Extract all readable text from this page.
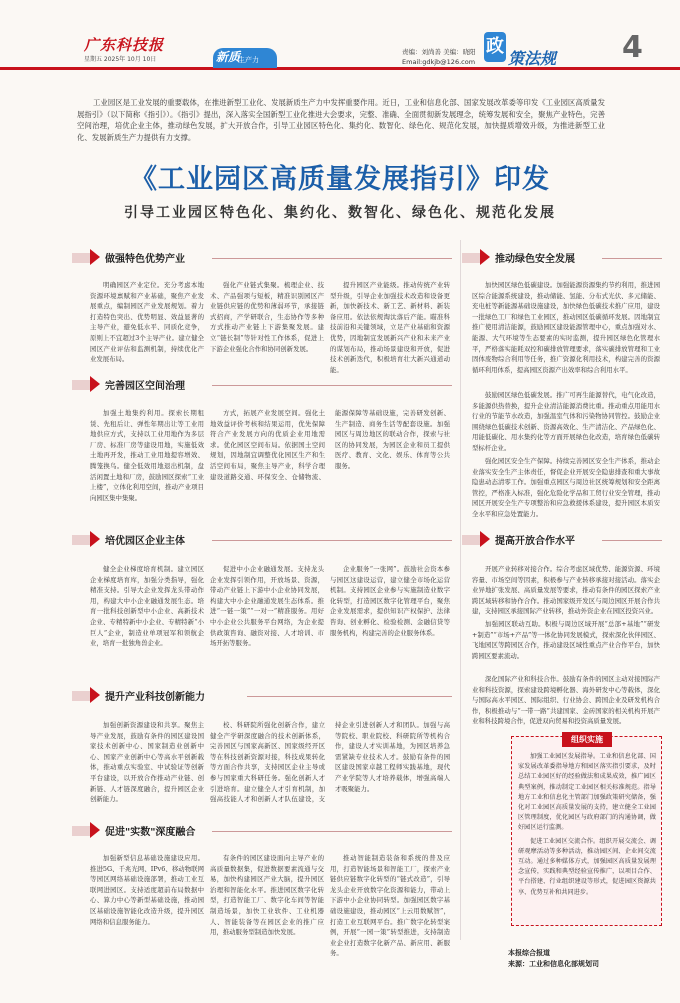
广东科技报
星期五 2025年 10月 10日	新质
生产力
责编：刘尚善 美编：晓阳
Email:gdkjb@126.com
政
策法规 4

工业园区是工业发展的重要载体，在推进新型工业化、发展新质生产力中发挥重要作用。近日，工业和信息化部、国家发展改革委等印发《工业园区高质量发展指引》（以下简称《指引》）。《指引》提出，深入落实全国新型工业化推进大会要求，完整、准确、全面贯彻新发展理念，统筹发展和安全，聚焦产业特色，完善空间治理，培优企业主体，推动绿色发展，扩大开放合作，引导工业园区特色化、集约化、数智化、绿色化、规范化发展，加快提质增效升级，为推进新型工业化、发展新质生产力提供有力支撑。

《工业园区高质量发展指引》印发
引导工业园区特色化、集约化、数智化、绿色化、规范化发展
做强特色优势产业

明确园区产业定位。充分考虑本地资源环境禀赋和产业基础，聚焦产业发展重点，编制园区产业发展规划。着力打造特色突出、优势明显、效益显著的主导产业，避免低水平、同质化竞争，原则上不宜超过3个主导产业。建立健全园区产业评估和监测机制，持续优化产业发展布局。

强化产业链式集聚。梳理企业、技术、产品强项与短板，精准识别园区产业链供应链的优势和薄弱环节，承接链式招商，产学研联合，生态协作等多种方式推动产业链上下游集聚发展。建立“链长制”等针对性工作体系，促进上下游企业强化合作和协同创新发展。

提升园区产业能级。推动传统产业转型升级，引导企业加强技术改造和设备更新，加快新技术、新工艺、新材料、新装备应用。依法依规淘汰落后产能。瞄准科技前沿和关键领域，立足产业基础和资源优势，因地制宜发展新兴产业和未来产业的谋划布局，推动场景建设和开放，促进技术创新迭代，积极培育壮大新兴通道动能。

完善园区空间治理

加强土地集约利用。探索长期租赁、先租后让、弹性年期出让等工业用地供应方式，支持以工业用地作为多层厂房、标准厂房等建设用地，实施低效土地再开发，推动工业用地提容增效、腾笼换鸟。健全低效用地退出机制，盘活闲置土地和厂房，鼓励园区探索“工业上楼”，立体化利用空间，推动产业项目向园区集中集聚。

方式，拓展产业发展空间。强化土地效益评价考核和结果运用，优先保障符合产业发展方向的优质企业用地需求。优化园区空间布局。依据国土空间规划，因地制宜调整优化园区生产和生活空间布局，聚焦主导产业，科学合理建设道路交通、环保安全、仓储物流、能源保障等基础设施，完善研发创新、生产制造、商务生活等配套设施。加强园区与周边地区的联动合作，探索与社区的协同发展，为园区企业和员工提供医疗、教育、文化、娱乐、体育等公共服务。

培优园区企业主体

健全企业梯度培育机制。建立园区企业梯度培育库，加强分类指导，强化精准支持。引导大企业发挥龙头带动作用，构建大中小企业融通发展生态。培育一批科技创新型中小企业、高新技术企业、专精特新中小企业、专精特新“小巨人”企业，制造业单项冠军和领航企业，培育一批独角兽企业。

促进中小企业融通发展。支持龙头企业发挥引领作用，开放场景、资源，带动产业链上下游中小企业协同发展，构建大中小企业融通发展生态体系。推进“一链一策”“一对一”精准服务。用好中小企业公共服务平台网络，为企业提供政策咨询、融资对接、人才培训、市场开拓等服务。

企业服务“一张网”。鼓励社会资本参与园区这建设运营，建立健全市场化运营机制。支持园区企业参与实施制造业数字化转型，打造园区数字化管理平台，聚焦企业发展需求，提供知识产权保护、法律咨询、创业孵化、检验检测、金融信贷等服务机构，构建完善的企业服务体系。

提升产业科技创新能力

加强创新资源建设和共享。聚焦主导产业发展，鼓励有条件的园区建设国家技术创新中心、国家制造业创新中心、国家产业创新中心等高水平创新载体，推动重点实验室、中试验证等创新平台建设，以开放合作推动产业链、创新链、人才链深度融合，提升园区企业创新能力。

校、科研院所强化创新合作，建立健全产学研深度融合的技术创新体系，完善园区与国家高新区、国家级经开区等在科技创新资源对接，科技成果转化等方面合作共享，支持园区企业主导或参与国家重大科研任务。强化创新人才引进培育。建立健全人才引育机制，加强高技能人才和创新人才队伍建设，支持企业引进创新人才和团队。加强与高等院校、职业院校、科研院所等机构合作，建设人才实训基地，为园区培养急需紧缺专业技术人才。鼓励有条件的园区建设国家卓越工程师实践基地，现代产业学院等人才培养载体，增强高端人才吸聚能力。

促进"实数"深度融合

加强新型信息基础设施建设应用。推进5G、千兆光网、IPv6、移动物联网等园区网络基础设施部署，推动工业互联网进园区。支持适度超前布局数据中心、算力中心等新型基础设施，推动园区基础设施智能化改造升级，提升园区网络和信息服务能力。

有条件的园区建设面向主导产业的高质量数据集，促进数据要素流通与交易，加快构建园区产业大脑，提升园区治理和智能化水平。推进园区数字化转型，打造智能工厂、数字化车间等智能制造场景，加快工业软件、工业机器人、智能装备等在园区企业的推广应用，推动服务型制造加快发展。

推动智能制造装备和系统的普及应用，打造智能场景和智能工厂，探索产业链供应链数字化转型的“链式改造”，引导龙头企业开放数字化资源和能力，带动上下游中小企业协同转型。加强园区数字基础设施建设，推动园区“上云用数赋智”，打造工业互联网平台。推广数字化转型案例，开展“一园一策”转型推进，支持制造业企业打造数字化新产品、新应用、新服务。

推动绿色安全发展

加快园区绿色低碳建设。加强能源资源集约节约利用，推进园区综合能源系统建设，推动储能、氢能、分布式光伏、多元储能、充电桩等新能源基础设施建设，加快绿色低碳技术推广应用，建设一批绿色工厂和绿色工业园区，推动园区低碳循环发展。因地制宜推广使用清洁能源，鼓励园区建设能源管理中心，重点加强对水、能源、大气环境等生态要素的实时监测，提升园区绿色化管理水平，严格落实能耗双控和碳排放管理要求，落实碳排放管理和工业固体废物综合利用等任务，推广资源化利用技术，构建完善的资源循环利用体系，提高园区资源产出效率和综合利用水平。

鼓励园区绿色低碳发展。推广可再生能源替代，电气化改造，多能源供热替换，提升企业清洁能源消费比重。推动重点用能用水行业的节能节水改造，加强温室气体和污染物协同管控。鼓励企业围绕绿色低碳技术创新、资源高效化、生产清洁化、产品绿色化、用能低碳化、用水集约化等方面开展绿色化改造，培育绿色低碳转型标杆企业。

强化园区安全生产保障。持续完善园区安全生产体系，推动企业落实安全生产主体责任，督促企业开展安全隐患排查和重大事故隐患动态清零工作。加强重点园区与周边社区统筹规划和安全距离管控，严格准入标准，强化危险化学品和工贸行业安全管理，推动园区开展安全生产专项整治和应急救援体系建设，提升园区本质安全水平和应急处置能力。

提高开放合作水平

开展产业转移对接合作。综合考虑区域优势、能源资源、环境容量、市场空间等因素，积极参与产业转移承接对接活动。落实企业异地扩张发展、高质量发展等要求，推动有条件的园区探索产业跨区域转移和协作合作。推动国家级开发区与周边园区开展合作共建，支持园区承接国际产业转移，推动外资企业在园区投资兴业。

加强园区联动互助。积极与周边区域开展“总部+基地”“研发+制造”“市场+产品”等一体化协同发展模式，探索深化伙伴园区、飞地园区等跨园区合作，推动建设区域性重点产业合作平台，加快跨园区要素流动。

深化国际产业和科技合作。鼓励有条件的园区主动对接国际产业和科技资源，探索建设跨境孵化器、海外研发中心等载体，深化与国际高水平园区、国际组织、行业协会、跨国企业及研发机构合作，积极推动与“一带一路”共建国家、金砖国家的相关机构开展产业和科技跨境合作，促进双向贸易和投资高质量发展。

组织实施

加强工业园区发展指导。工业和信息化部、国家发展改革委指导地方和园区落实指引要求，及时总结工业园区好的经验做法和成果成效，推广园区典型案例，推动制定工业园区相关标准规范。指导地方工业和信息化主管部门加强政策研究储备，强化对工业园区高质量发展的支持，建立健全工业园区管理制度，优化园区与政府部门的沟通协调，做好园区运行监测。

促进工业园区交流合作。组织开展交流会、调研观摩活动等多种活动，推动园区间、企业间交流互动。通过多种媒体方式，加强园区高质量发展理念宣传，实践和典型经验宣传推广，以项目合作、平台搭建、行业组织建设等形式，促进园区资源共享、优势互补和共同进步。

本报综合报道
来源：工业和信息化部规划司
